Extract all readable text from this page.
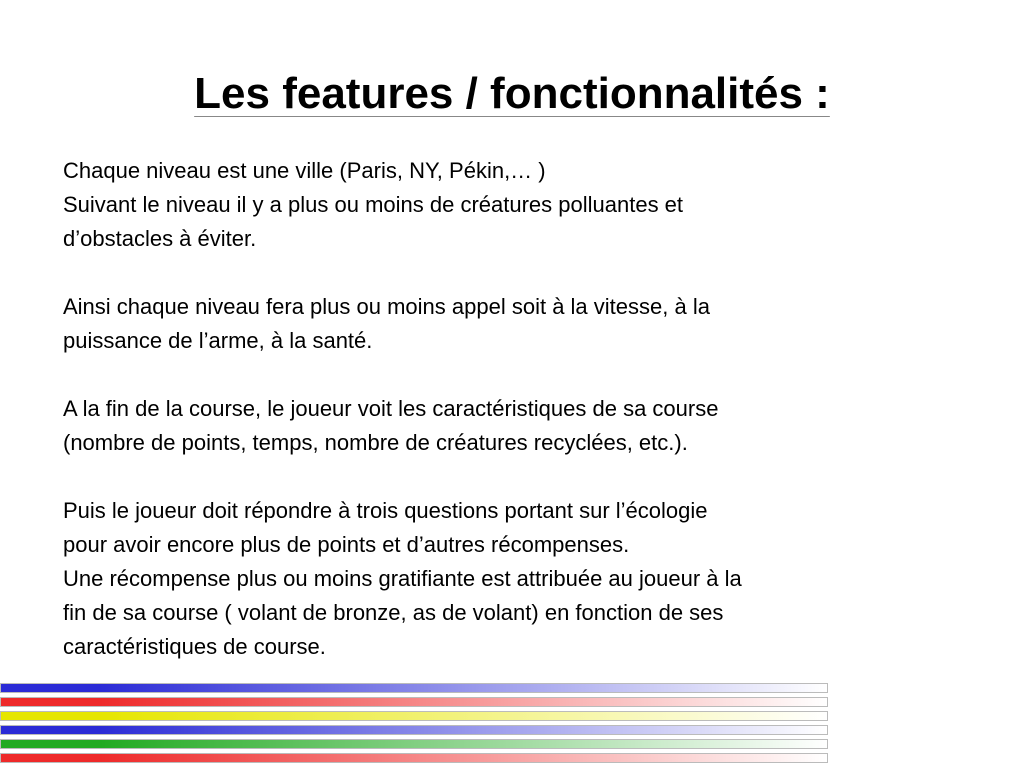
Les features / fonctionnalités :

Chaque niveau est une ville (Paris, NY, Pékin,… )
Suivant le niveau il y a plus ou moins de créatures polluantes et
d’obstacles à éviter.

Ainsi chaque niveau fera plus ou moins appel soit à la vitesse, à la
puissance de l’arme, à la santé.

A la fin de la course, le joueur voit les caractéristiques de sa course
(nombre de points, temps, nombre de créatures recyclées, etc.).

Puis le joueur doit répondre à trois questions portant sur l’écologie
pour avoir encore plus de points et d’autres récompenses.
Une récompense plus ou moins gratifiante est attribuée au joueur à la
fin de sa course ( volant de bronze, as de volant) en fonction de ses
caractéristiques de course.
